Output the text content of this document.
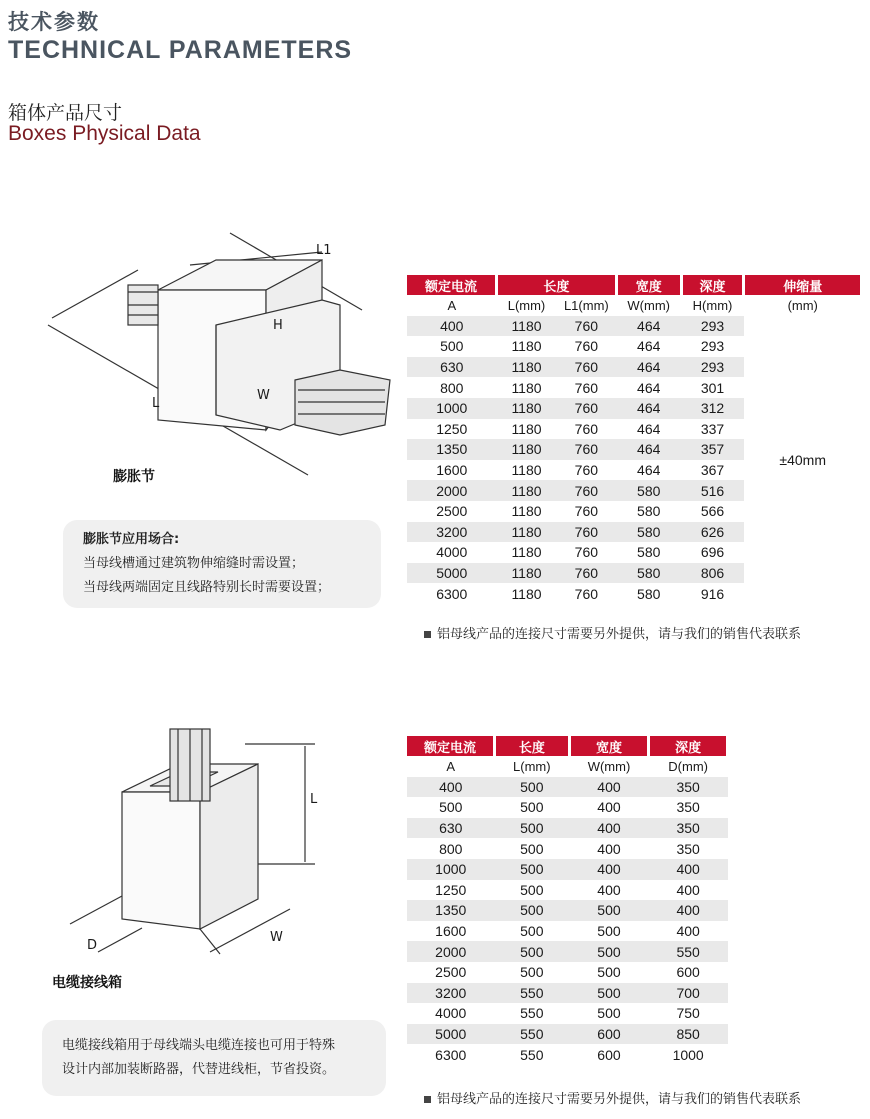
技术参数
TECHNICAL PARAMETERS
箱体产品尺寸
Boxes Physical Data
L1
H
W
L
膨胀节
膨胀节应用场合:
当母线槽通过建筑物伸缩缝时需设置；
当母线两端固定且线路特别长时需要设置；
额定电流	长度		宽度	深度	伸缩量
A	L(mm)	L1(mm)	W(mm)	H(mm)	(mm)
400	1180	760	464	293	±40mm
500	1180	760	464	293	
630	1180	760	464	293	
800	1180	760	464	301	
1000	1180	760	464	312	
1250	1180	760	464	337	
1350	1180	760	464	357	
1600	1180	760	464	367	
2000	1180	760	580	516	
2500	1180	760	580	566	
3200	1180	760	580	626	
4000	1180	760	580	696	
5000	1180	760	580	806	
6300	1180	760	580	916	
铝母线产品的连接尺寸需要另外提供，请与我们的销售代表联系
L
D
W
电缆接线箱
电缆接线箱用于母线端头电缆连接也可用于特殊
设计内部加装断路器，代替进线柜，节省投资。
额定电流	长度	宽度	深度
A	L(mm)	W(mm)	D(mm)
400	500	400	350
500	500	400	350
630	500	400	350
800	500	400	350
1000	500	400	400
1250	500	400	400
1350	500	500	400
1600	500	500	400
2000	500	500	550
2500	500	500	600
3200	550	500	700
4000	550	500	750
5000	550	600	850
6300	550	600	1000
铝母线产品的连接尺寸需要另外提供，请与我们的销售代表联系
